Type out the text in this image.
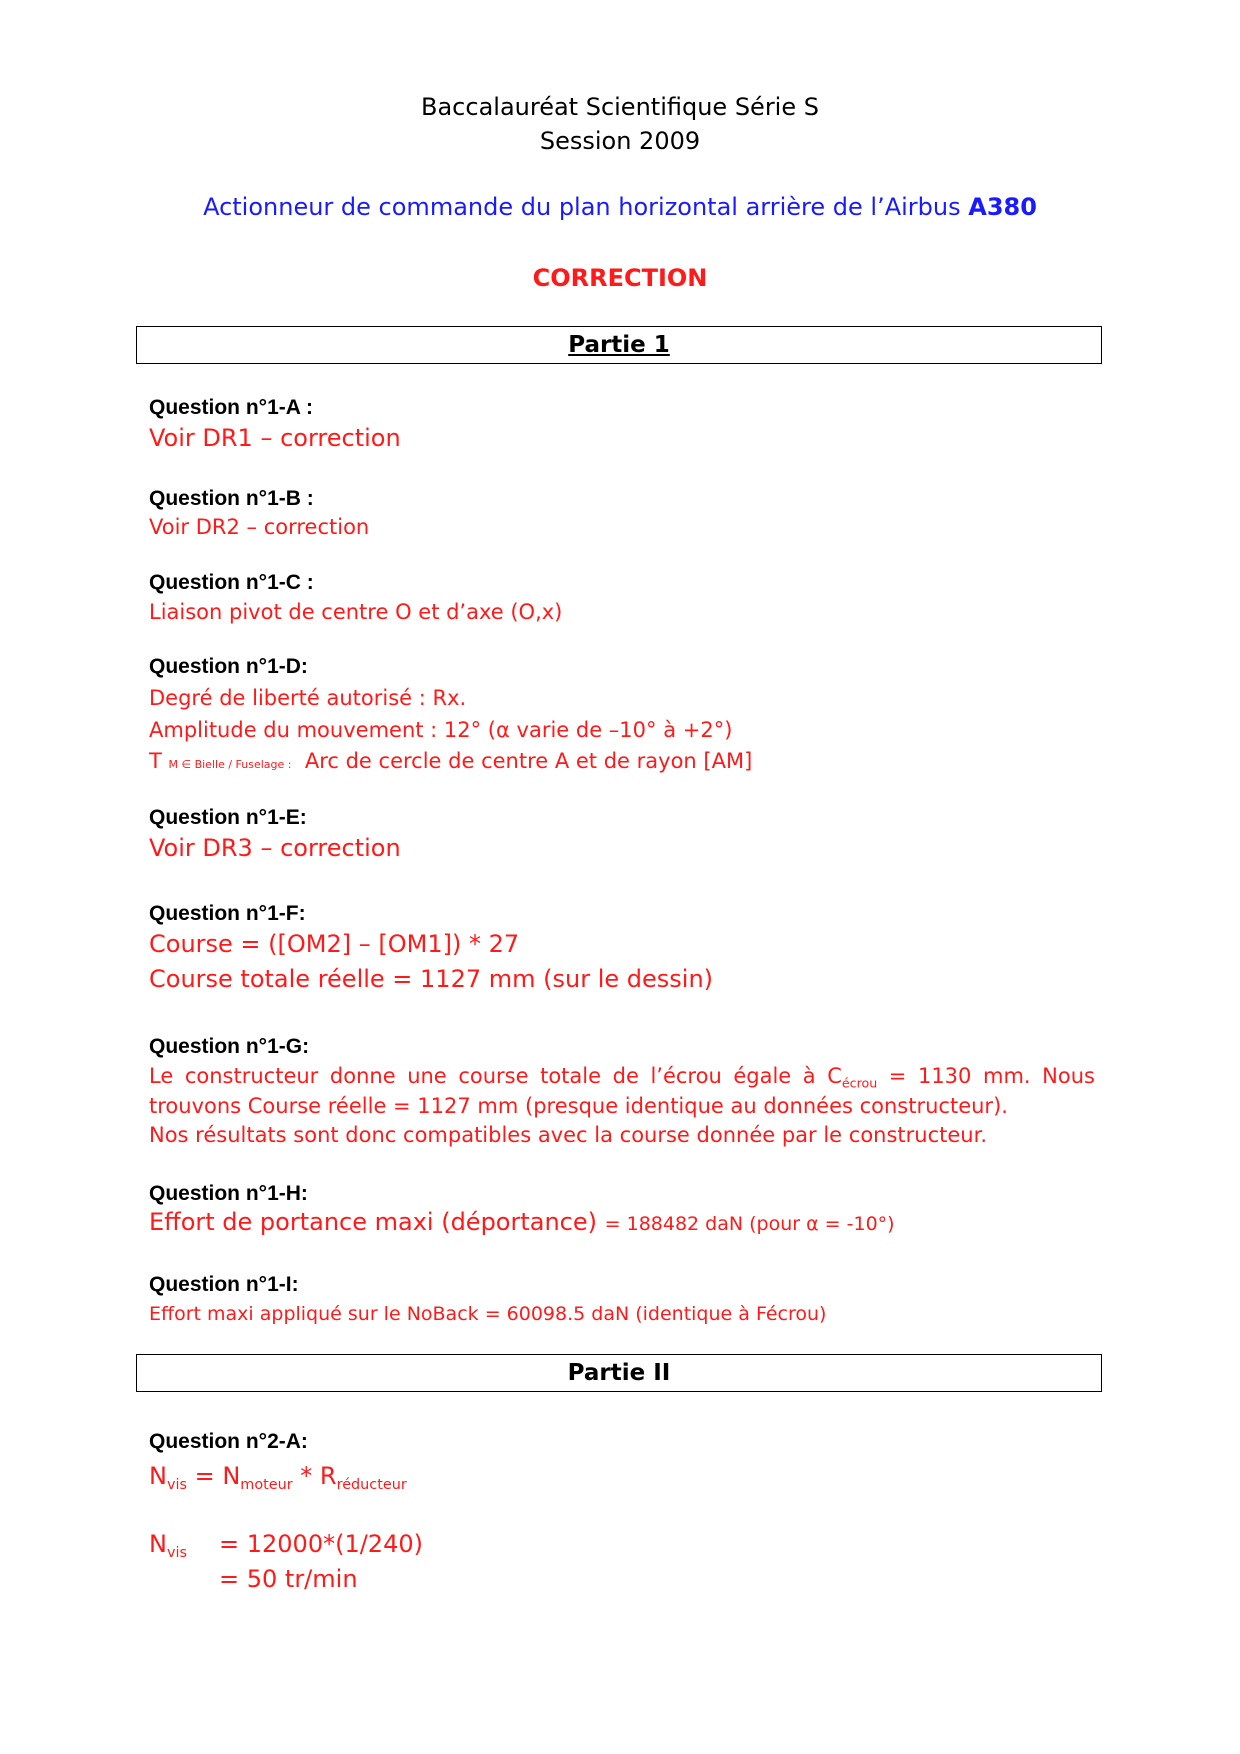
Baccalauréat Scientifique Série S
Session 2009
Actionneur de commande du plan horizontal arrière de l’Airbus A380
CORRECTION
Partie 1
Question n°1-A :
Voir DR1 – correction
Question n°1-B :
Voir DR2 – correction
Question n°1-C :
Liaison pivot de centre O et d’axe (O,x)
Question n°1-D:
Degré de liberté autorisé : Rx.
Amplitude du mouvement : 12° (α varie de –10° à +2°)
T M ∈ Bielle / Fuselage : Arc de cercle de centre A et de rayon [AM]
Question n°1-E:
Voir DR3 – correction
Question n°1-F:
Course = ([OM2] – [OM1]) * 27
Course totale réelle = 1127 mm (sur le dessin)
Question n°1-G:
Le constructeur donne une course totale de l’écrou égale à $C_{écrou} = 1130$ mm. Nous
trouvons Course réelle = 1127 mm (presque identique au données constructeur).
Nos résultats sont donc compatibles avec la course donnée par le constructeur.
Question n°1-H:
Effort de portance maxi (déportance) = 188482 daN (pour α = -10°)
Question n°1-I:
Effort maxi appliqué sur le NoBack = 60098.5 daN (identique à Fécrou)
Partie II
Question n°2-A:
$N_{vis} = N_{moteur} * R_{réducteur}$
$N_{vis} = 12000*(1/240)$
= 50 tr/min
